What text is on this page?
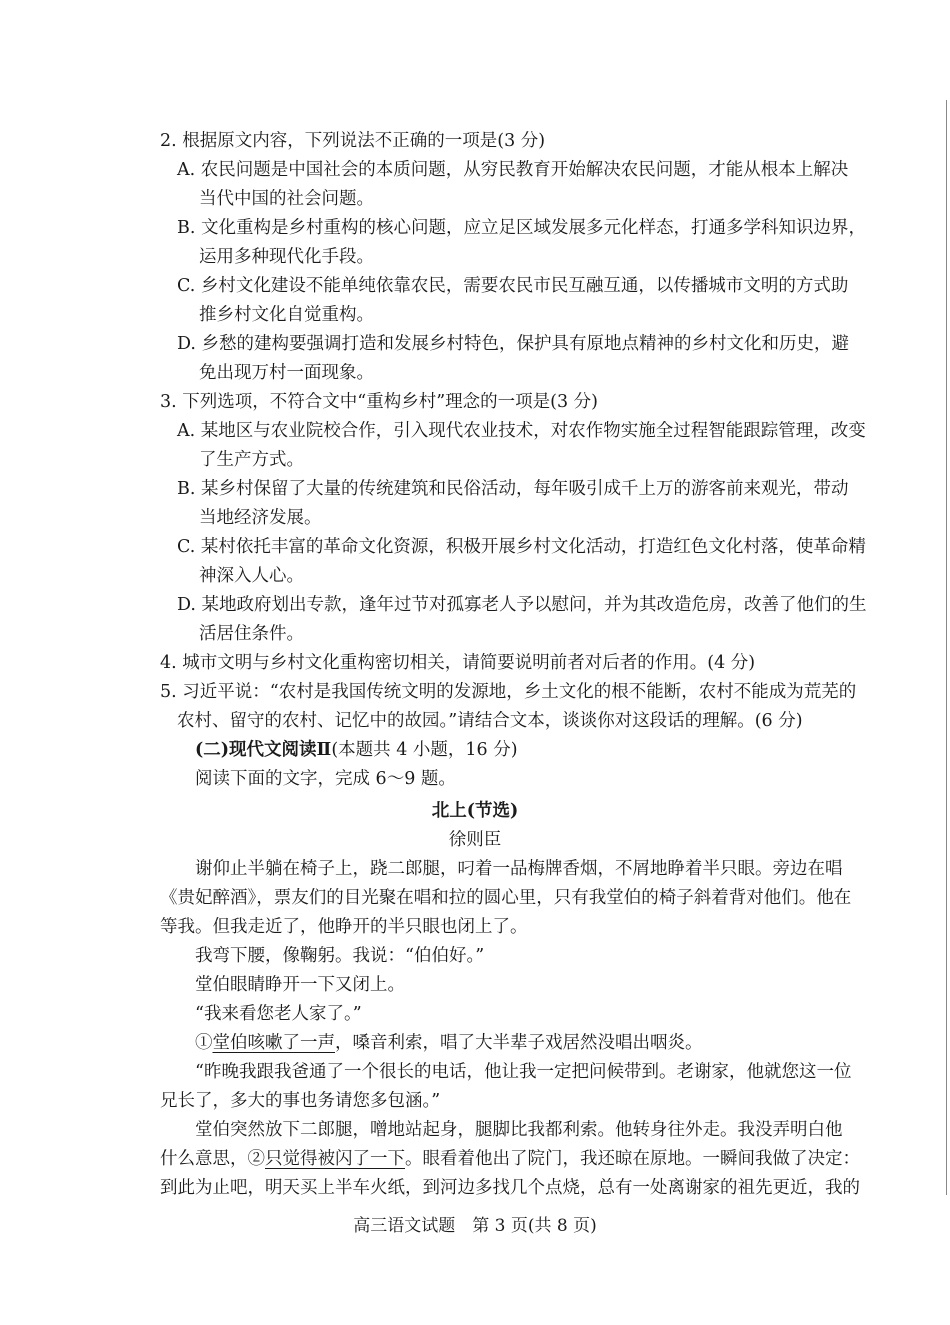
2. 根据原文内容，下列说法不正确的一项是(3 分)
A. 农民问题是中国社会的本质问题，从穷民教育开始解决农民问题，才能从根本上解决
当代中国的社会问题。
B. 文化重构是乡村重构的核心问题，应立足区域发展多元化样态，打通多学科知识边界，
运用多种现代化手段。
C. 乡村文化建设不能单纯依靠农民，需要农民市民互融互通，以传播城市文明的方式助
推乡村文化自觉重构。
D. 乡愁的建构要强调打造和发展乡村特色，保护具有原地点精神的乡村文化和历史，避
免出现万村一面现象。
3. 下列选项，不符合文中“重构乡村”理念的一项是(3 分)
A. 某地区与农业院校合作，引入现代农业技术，对农作物实施全过程智能跟踪管理，改变
了生产方式。
B. 某乡村保留了大量的传统建筑和民俗活动，每年吸引成千上万的游客前来观光，带动
当地经济发展。
C. 某村依托丰富的革命文化资源，积极开展乡村文化活动，打造红色文化村落，使革命精
神深入人心。
D. 某地政府划出专款，逢年过节对孤寡老人予以慰问，并为其改造危房，改善了他们的生
活居住条件。
4. 城市文明与乡村文化重构密切相关，请简要说明前者对后者的作用。(4 分)
5. 习近平说：“农村是我国传统文明的发源地，乡土文化的根不能断，农村不能成为荒芜的
农村、留守的农村、记忆中的故园。”请结合文本，谈谈你对这段话的理解。(6 分)
(二)现代文阅读Ⅱ(本题共 4 小题，16 分)
阅读下面的文字，完成 6～9 题。
北上(节选)
徐则臣
谢仰止半躺在椅子上，跷二郎腿，叼着一品梅牌香烟，不屑地睁着半只眼。旁边在唱
《贵妃醉酒》，票友们的目光聚在唱和拉的圆心里，只有我堂伯的椅子斜着背对他们。他在
等我。但我走近了，他睁开的半只眼也闭上了。
我弯下腰，像鞠躬。我说：“伯伯好。”
堂伯眼睛睁开一下又闭上。
“我来看您老人家了。”
①堂伯咳嗽了一声，嗓音利索，唱了大半辈子戏居然没唱出咽炎。
“昨晚我跟我爸通了一个很长的电话，他让我一定把问候带到。老谢家，他就您这一位
兄长了，多大的事也务请您多包涵。”
堂伯突然放下二郎腿，噌地站起身，腿脚比我都利索。他转身往外走。我没弄明白他
什么意思，②只觉得被闪了一下。眼看着他出了院门，我还晾在原地。一瞬间我做了决定：
到此为止吧，明天买上半车火纸，到河边多找几个点烧，总有一处离谢家的祖先更近，我的
高三语文试题　第 3 页(共 8 页)
